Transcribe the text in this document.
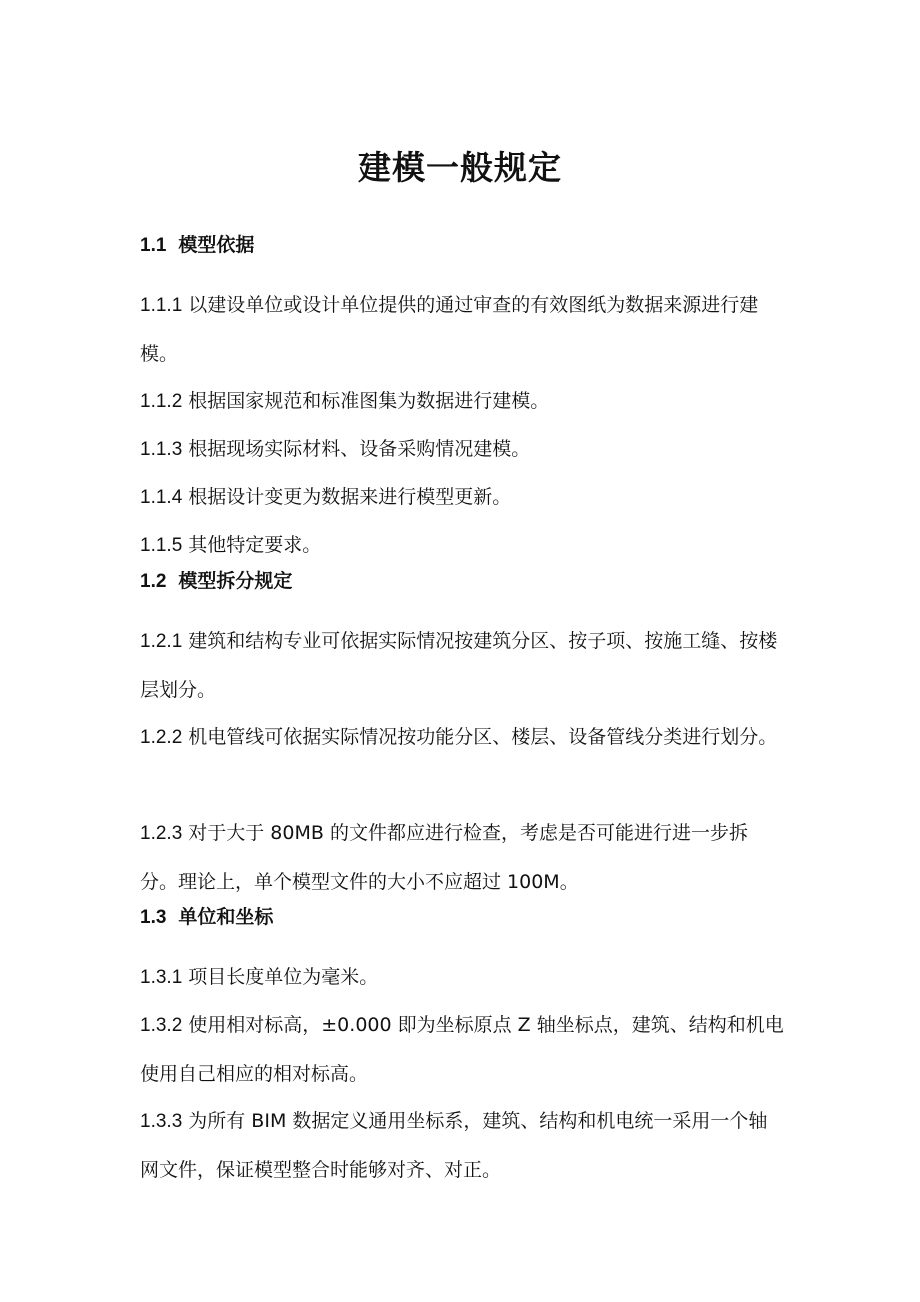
建模一般规定
1.1 模型依据
1.1.1 以建设单位或设计单位提供的通过审查的有效图纸为数据来源进行建模。
1.1.2 根据国家规范和标准图集为数据进行建模。
1.1.3 根据现场实际材料、设备采购情况建模。
1.1.4 根据设计变更为数据来进行模型更新。
1.1.5 其他特定要求。
1.2 模型拆分规定
1.2.1 建筑和结构专业可依据实际情况按建筑分区、按子项、按施工缝、按楼层划分。
1.2.2 机电管线可依据实际情况按功能分区、楼层、设备管线分类进行划分。
1.2.3 对于大于 80MB 的文件都应进行检查，考虑是否可能进行进一步拆分。理论上，单个模型文件的大小不应超过 100M。
1.3 单位和坐标
1.3.1 项目长度单位为毫米。
1.3.2 使用相对标高，±0.000 即为坐标原点 Z 轴坐标点，建筑、结构和机电使用自己相应的相对标高。
1.3.3 为所有 BIM 数据定义通用坐标系，建筑、结构和机电统一采用一个轴网文件，保证模型整合时能够对齐、对正。
